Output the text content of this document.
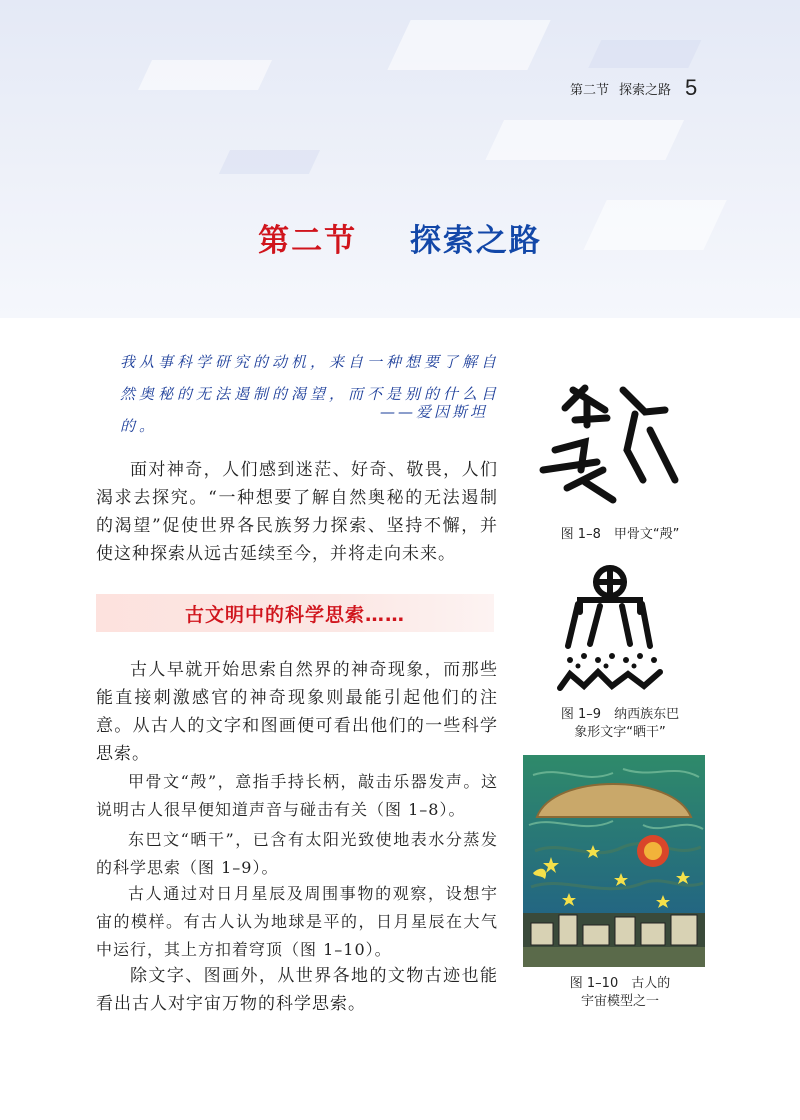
第二节 探索之路 5
第二节 探索之路
我从事科学研究的动机，来自一种想要了解自然奥秘的无法遏制的渴望，而不是别的什么目的。
——爱因斯坦

面对神奇，人们感到迷茫、好奇、敬畏，人们渴求去探究。“一种想要了解自然奥秘的无法遏制的渴望”促使世界各民族努力探索、坚持不懈，并使这种探索从远古延续至今，并将走向未来。

古文明中的科学思索……

古人早就开始思索自然界的神奇现象，而那些能直接刺激感官的神奇现象则最能引起他们的注意。从古人的文字和图画便可看出他们的一些科学思索。

甲骨文“殸”，意指手持长柄，敲击乐器发声。这说明古人很早便知道声音与碰击有关（图 1–8）。

东巴文“晒干”，已含有太阳光致使地表水分蒸发的科学思索（图 1–9）。

古人通过对日月星辰及周围事物的观察，设想宇宙的模样。有古人认为地球是平的，日月星辰在大气中运行，其上方扣着穹顶（图 1–10）。

除文字、图画外，从世界各地的文物古迹也能看出古人对宇宙万物的科学思索。

图 1–8　甲骨文“殸”
图 1–9　纳西族东巴
象形文字“晒干”
图 1–10　古人的
宇宙模型之一
